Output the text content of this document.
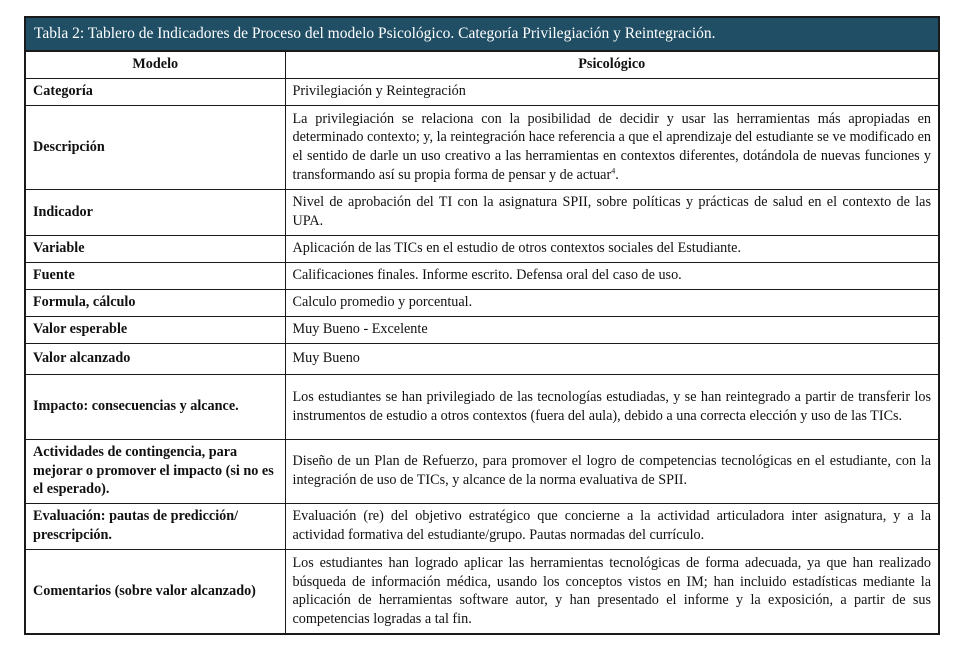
Tabla 2: Tablero de Indicadores de Proceso del modelo Psicológico. Categoría Privilegiación y Reintegración.
Modelo	Psicológico
Categoría	Privilegiación y Reintegración
Descripción	La privilegiación se relaciona con la posibilidad de decidir y usar las herramientas más apropiadas en determinado contexto; y, la reintegración hace referencia a que el aprendizaje del estudiante se ve modificado en el sentido de darle un uso creativo a las herramientas en contextos diferentes, dotándola de nuevas funciones y transformando así su propia forma de pensar y de actuar$^4$.
Indicador	Nivel de aprobación del TI con la asignatura SPII, sobre políticas y prácticas de salud en el contexto de las UPA.
Variable	Aplicación de las TICs en el estudio de otros contextos sociales del Estudiante.
Fuente	Calificaciones finales. Informe escrito. Defensa oral del caso de uso.
Formula, cálculo	Calculo promedio y porcentual.
Valor esperable	Muy Bueno - Excelente
Valor alcanzado	Muy Bueno
Impacto: consecuencias y alcance.	Los estudiantes se han privilegiado de las tecnologías estudiadas, y se han reintegrado a partir de transferir los instrumentos de estudio a otros contextos (fuera del aula), debido a una correcta elección y uso de las TICs.
Actividades de contingencia, para mejorar o promover el impacto (si no es el esperado).	Diseño de un Plan de Refuerzo, para promover el logro de competencias tecnológicas en el estudiante, con la integración de uso de TICs, y alcance de la norma evaluativa de SPII.
Evaluación: pautas de predicción/ prescripción.	Evaluación (re) del objetivo estratégico que concierne a la actividad articuladora inter asignatura, y a la actividad formativa del estudiante/grupo. Pautas normadas del currículo.
Comentarios (sobre valor alcanzado)	Los estudiantes han logrado aplicar las herramientas tecnológicas de forma adecuada, ya que han realizado búsqueda de información médica, usando los conceptos vistos en IM; han incluido estadísticas mediante la aplicación de herramientas software autor, y han presentado el informe y la exposición, a partir de sus competencias logradas a tal fin.
